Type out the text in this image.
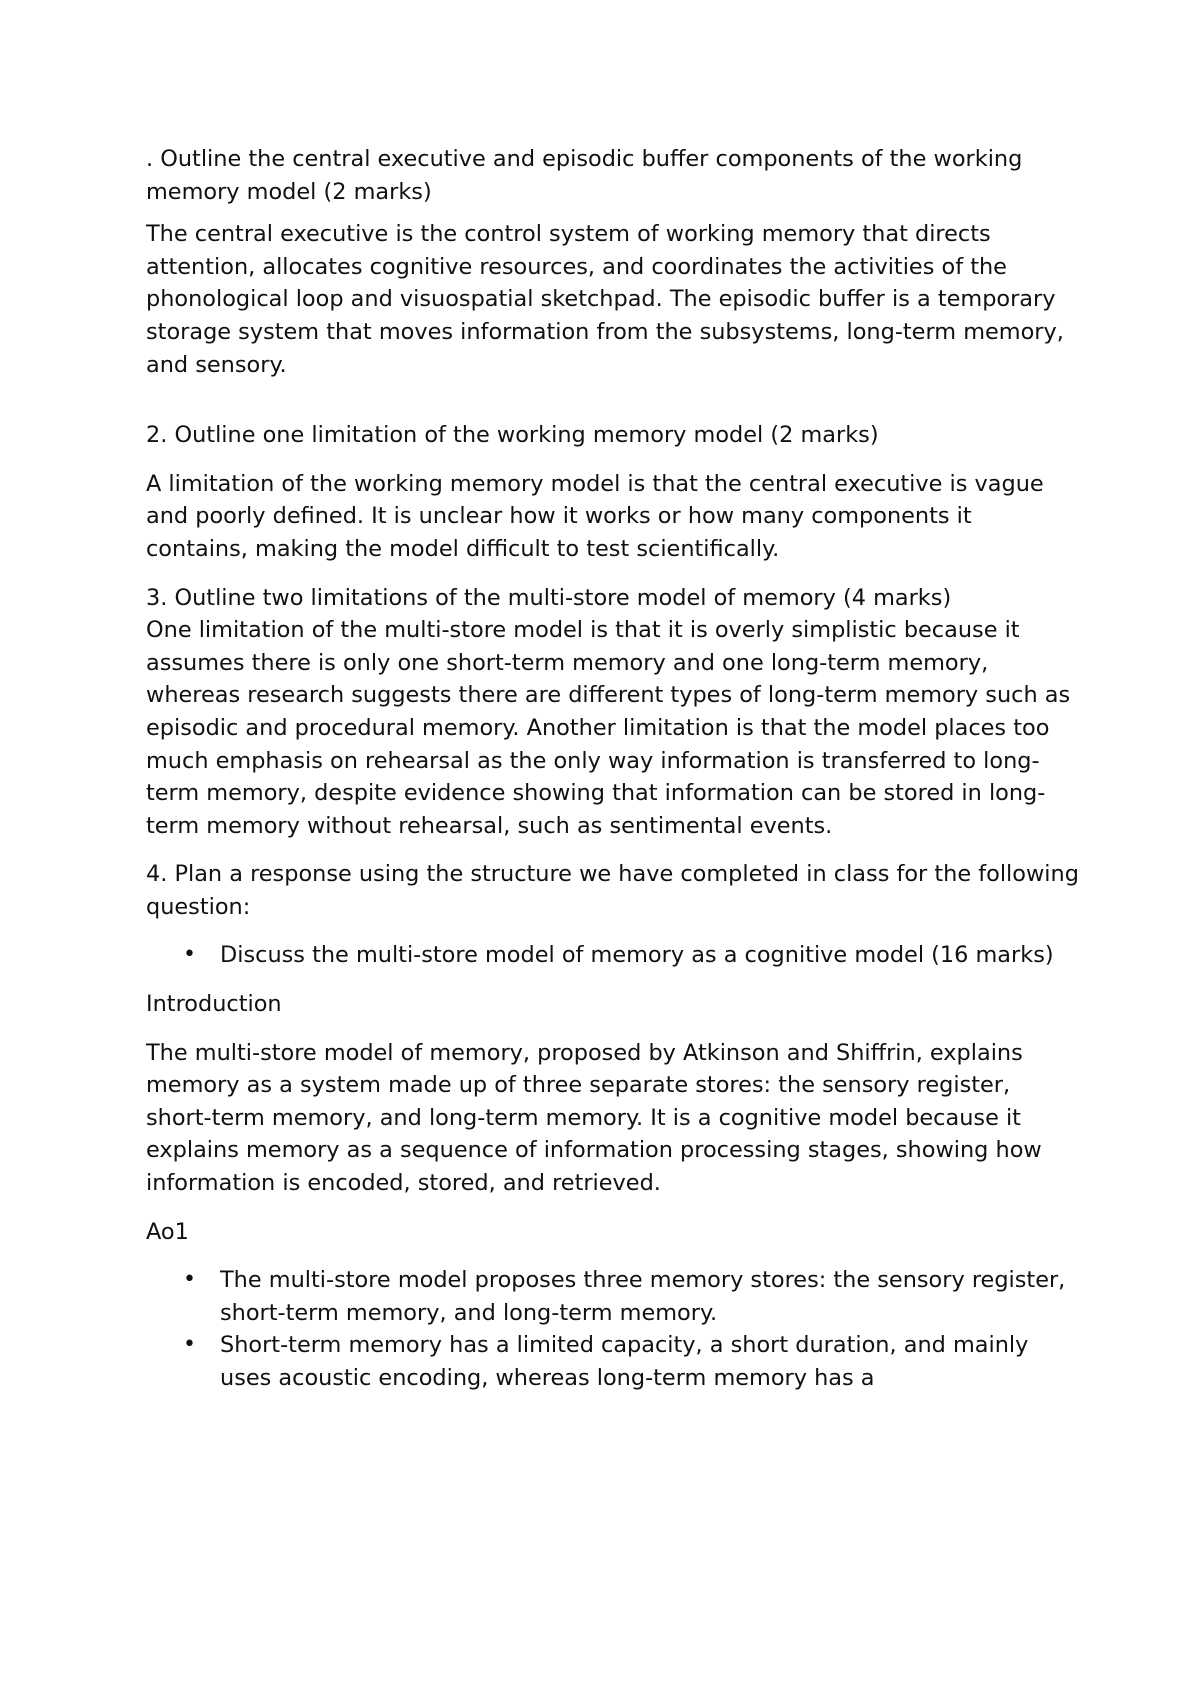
. Outline the central executive and episodic buffer components of the working memory model (2 marks)

The central executive is the control system of working memory that directs attention, allocates cognitive resources, and coordinates the activities of the phonological loop and visuospatial sketchpad. The episodic buffer is a temporary storage system that moves information from the subsystems, long-term memory, and sensory.

2. Outline one limitation of the working memory model (2 marks)

A limitation of the working memory model is that the central executive is vague and poorly defined. It is unclear how it works or how many components it contains, making the model difficult to test scientifically.

3. Outline two limitations of the multi-store model of memory (4 marks)

One limitation of the multi-store model is that it is overly simplistic because it assumes there is only one short-term memory and one long-term memory, whereas research suggests there are different types of long-term memory such as episodic and procedural memory. Another limitation is that the model places too much emphasis on rehearsal as the only way information is transferred to long-term memory, despite evidence showing that information can be stored in long-term memory without rehearsal, such as sentimental events.

4. Plan a response using the structure we have completed in class for the following question:

• Discuss the multi-store model of memory as a cognitive model (16 marks)

Introduction

The multi-store model of memory, proposed by Atkinson and Shiffrin, explains memory as a system made up of three separate stores: the sensory register, short-term memory, and long-term memory. It is a cognitive model because it explains memory as a sequence of information processing stages, showing how information is encoded, stored, and retrieved.

Ao1

• The multi-store model proposes three memory stores: the sensory register, short-term memory, and long-term memory.
• Short-term memory has a limited capacity, a short duration, and mainly uses acoustic encoding, whereas long-term memory has a
